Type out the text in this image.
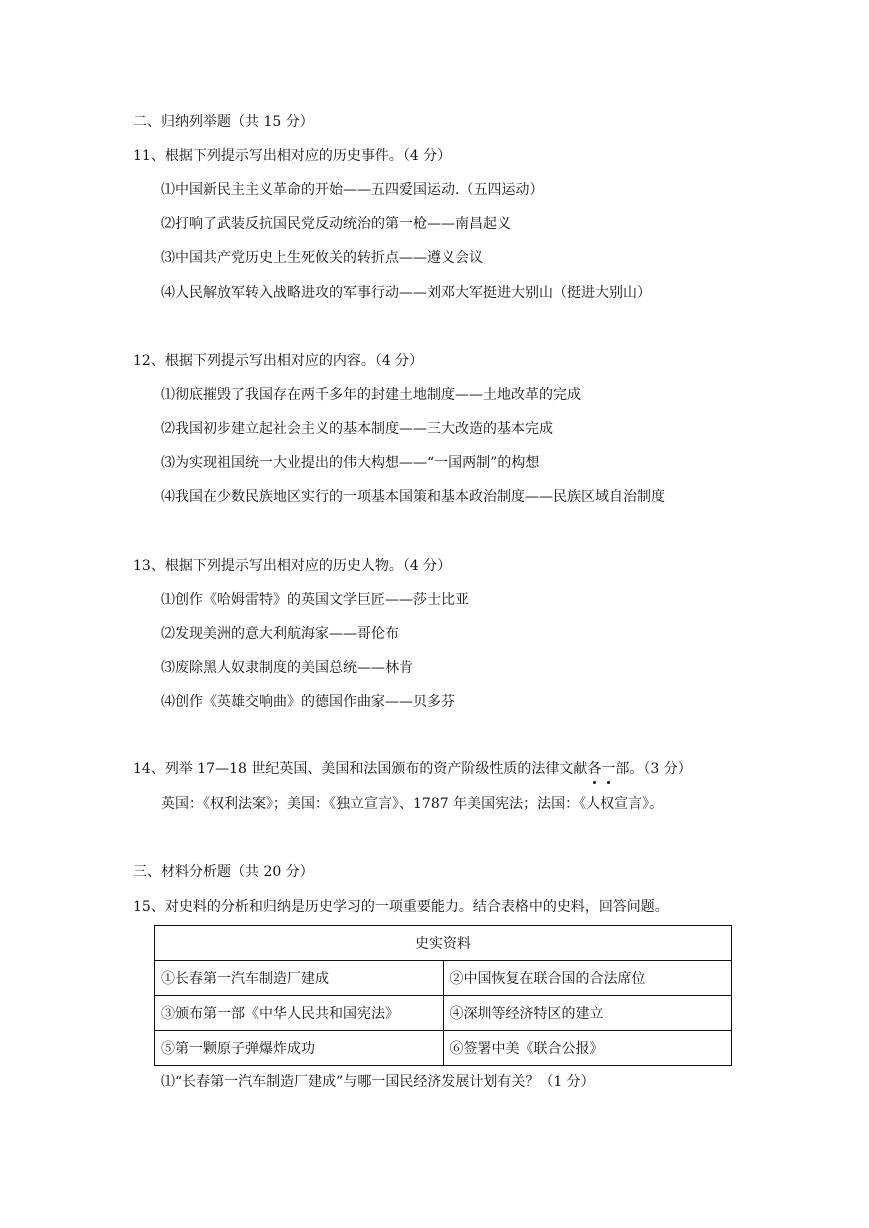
二、归纳列举题（共 15 分）
11、根据下列提示写出相对应的历史事件。（4 分）
⑴中国新民主主义革命的开始——五四爱国运动.（五四运动）
⑵打响了武装反抗国民党反动统治的第一枪——南昌起义
⑶中国共产党历史上生死攸关的转折点——遵义会议
⑷人民解放军转入战略进攻的军事行动——刘邓大军挺进大别山（挺进大别山）
12、根据下列提示写出相对应的内容。（4 分）
⑴彻底摧毁了我国存在两千多年的封建土地制度——土地改革的完成
⑵我国初步建立起社会主义的基本制度——三大改造的基本完成
⑶为实现祖国统一大业提出的伟大构想——“一国两制”的构想
⑷我国在少数民族地区实行的一项基本国策和基本政治制度——民族区域自治制度
13、根据下列提示写出相对应的历史人物。（4 分）
⑴创作《哈姆雷特》的英国文学巨匠——莎士比亚
⑵发现美洲的意大利航海家——哥伦布
⑶废除黑人奴隶制度的美国总统——林肯
⑷创作《英雄交响曲》的德国作曲家——贝多芬
14、列举 17—18 世纪英国、美国和法国颁布的资产阶级性质的法律文献各一部。（3 分）
英国：《权利法案》；美国：《独立宣言》、1787 年美国宪法；法国：《人权宣言》。
三、材料分析题（共 20 分）
15、对史料的分析和归纳是历史学习的一项重要能力。结合表格中的史料，回答问题。
史实资料	
①长春第一汽车制造厂建成	②中国恢复在联合国的合法席位
③颁布第一部《中华人民共和国宪法》	④深圳等经济特区的建立
⑤第一颗原子弹爆炸成功	⑥签署中美《联合公报》
⑴“长春第一汽车制造厂建成”与哪一国民经济发展计划有关？（1 分）
